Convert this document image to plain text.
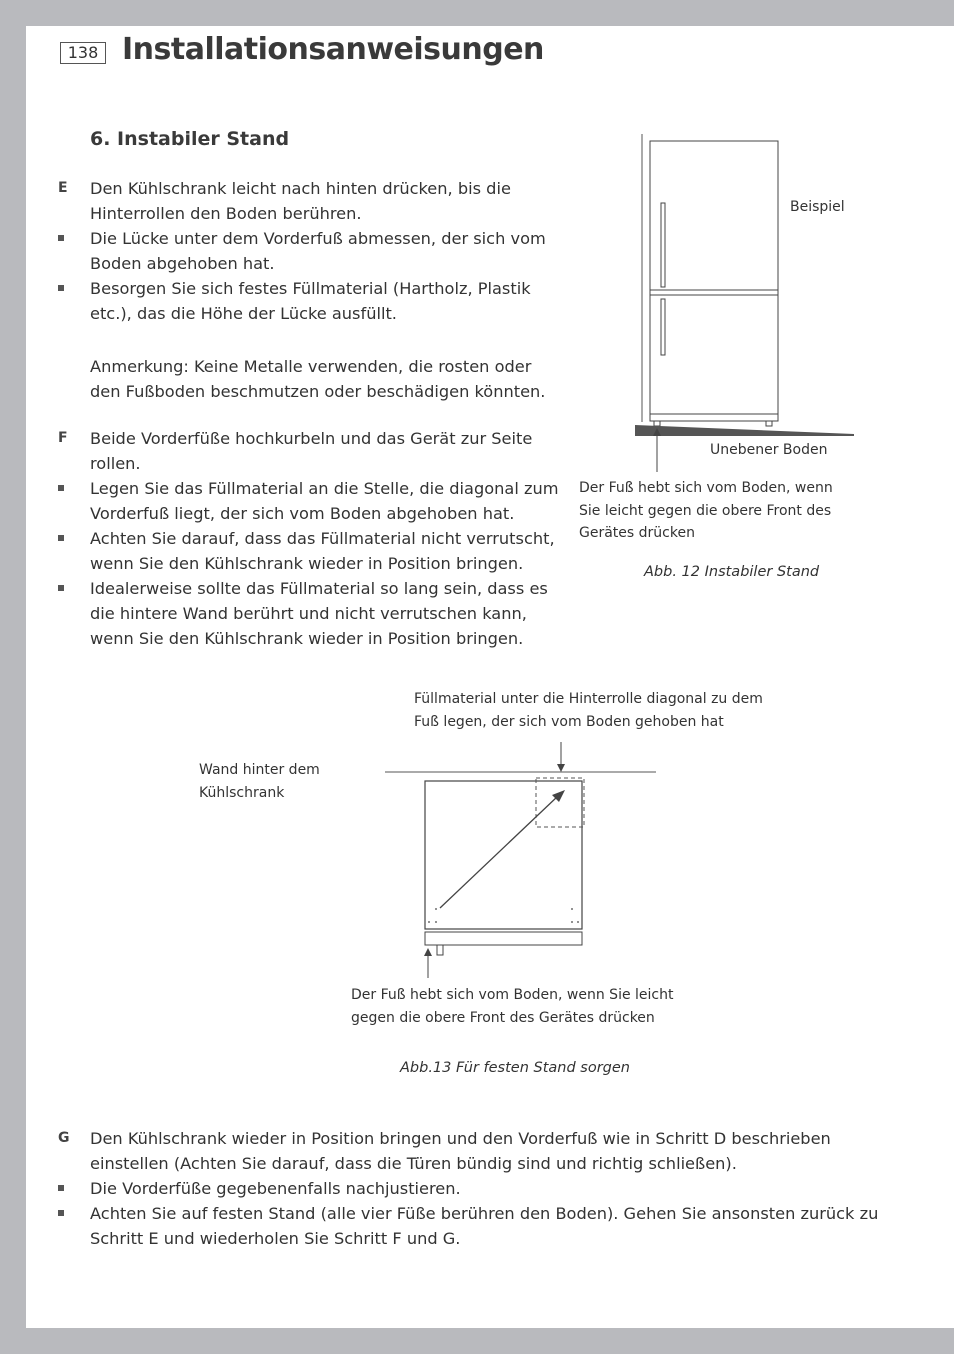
138 Installationsanweisungen
6. Instabiler Stand
E Den Kühlschrank leicht nach hinten drücken, bis die
Hinterrollen den Boden berühren.
Die Lücke unter dem Vorderfuß abmessen, der sich vom
Boden abgehoben hat.
Besorgen Sie sich festes Füllmaterial (Hartholz, Plastik
etc.), das die Höhe der Lücke ausfüllt.
Anmerkung: Keine Metalle verwenden, die rosten oder
den Fußboden beschmutzen oder beschädigen könnten.
F Beide Vorderfüße hochkurbeln und das Gerät zur Seite
rollen.
Legen Sie das Füllmaterial an die Stelle, die diagonal zum
Vorderfuß liegt, der sich vom Boden abgehoben hat.
Achten Sie darauf, dass das Füllmaterial nicht verrutscht,
wenn Sie den Kühlschrank wieder in Position bringen.
Idealerweise sollte das Füllmaterial so lang sein, dass es
die hintere Wand berührt und nicht verrutschen kann,
wenn Sie den Kühlschrank wieder in Position bringen.
Beispiel
Unebener Boden
Der Fuß hebt sich vom Boden, wenn
Sie leicht gegen die obere Front des
Gerätes drücken
Abb. 12 Instabiler Stand
Füllmaterial unter die Hinterrolle diagonal zu dem
Fuß legen, der sich vom Boden gehoben hat
Wand hinter dem
Kühlschrank
Der Fuß hebt sich vom Boden, wenn Sie leicht
gegen die obere Front des Gerätes drücken
Abb.13 Für festen Stand sorgen
G Den Kühlschrank wieder in Position bringen und den Vorderfuß wie in Schritt D beschrieben
einstellen (Achten Sie darauf, dass die Türen bündig sind und richtig schließen).
Die Vorderfüße gegebenenfalls nachjustieren.
Achten Sie auf festen Stand (alle vier Füße berühren den Boden). Gehen Sie ansonsten zurück zu
Schritt E und wiederholen Sie Schritt F und G.
